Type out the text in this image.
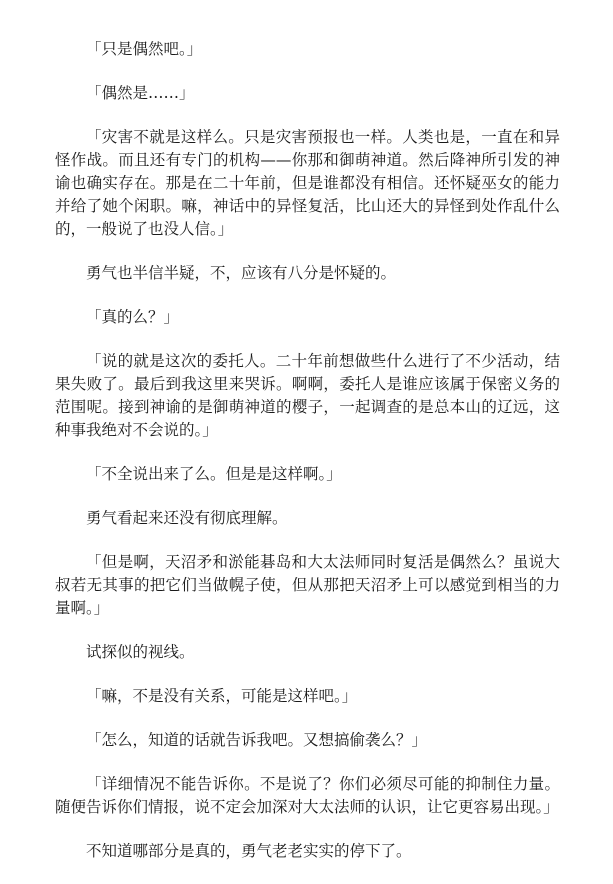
「只是偶然吧。」

「偶然是……」

「灾害不就是这样么。只是灾害预报也一样。人类也是，一直在和异怪作战。而且还有专门的机构——你那和御萌神道。然后降神所引发的神谕也确实存在。那是在二十年前，但是谁都没有相信。还怀疑巫女的能力并给了她个闲职。嘛，神话中的异怪复活，比山还大的异怪到处作乱什么的，一般说了也没人信。」

勇气也半信半疑，不，应该有八分是怀疑的。

「真的么？」

「说的就是这次的委托人。二十年前想做些什么进行了不少活动，结果失败了。最后到我这里来哭诉。啊啊，委托人是谁应该属于保密义务的范围呢。接到神谕的是御萌神道的樱子，一起调查的是总本山的辽远，这种事我绝对不会说的。」

「不全说出来了么。但是是这样啊。」

勇气看起来还没有彻底理解。

「但是啊，天沼矛和淤能碁岛和大太法师同时复活是偶然么？虽说大叔若无其事的把它们当做幌子使，但从那把天沼矛上可以感觉到相当的力量啊。」

试探似的视线。

「嘛，不是没有关系，可能是这样吧。」

「怎么，知道的话就告诉我吧。又想搞偷袭么？」

「详细情况不能告诉你。不是说了？你们必须尽可能的抑制住力量。随便告诉你们情报，说不定会加深对大太法师的认识，让它更容易出现。」

不知道哪部分是真的，勇气老老实实的停下了。
